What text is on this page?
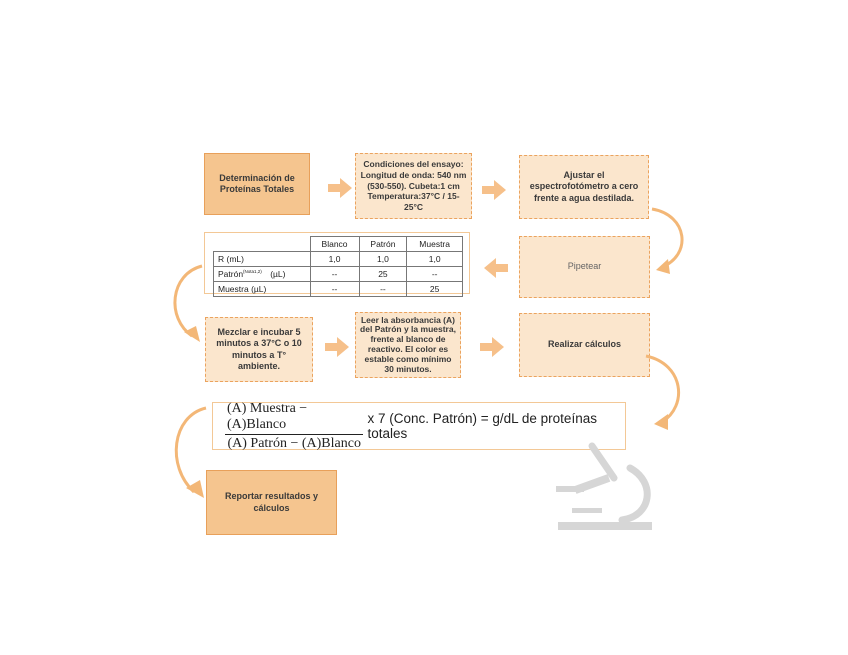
Determinación de Proteínas Totales
Condiciones del ensayo: Longitud de onda: 540 nm (530-550). Cubeta:1 cm Temperatura:37°C / 15-25°C
Ajustar el espectrofotómetro a cero frente a agua destilada.
	Blanco	Patrón	Muestra
R (mL)	1,0	1,0	1,0
Patrón$^{(Nota1,2)}$ (µL)	--	25	--
Muestra (µL)	--	--	25
Pipetear
Mezclar e incubar 5 minutos a 37°C o 10 minutos a T° ambiente.
Leer la absorbancia (A) del Patrón y la muestra, frente al blanco de reactivo. El color es estable como mínimo 30 minutos.
Realizar cálculos
$\frac{\text{(A) Muestra − (A)Blanco}}{\text{(A) Patrón − (A)Blanco}}$ x 7 (Conc. Patrón) = g/dL de proteínas totales
Reportar resultados y cálculos
